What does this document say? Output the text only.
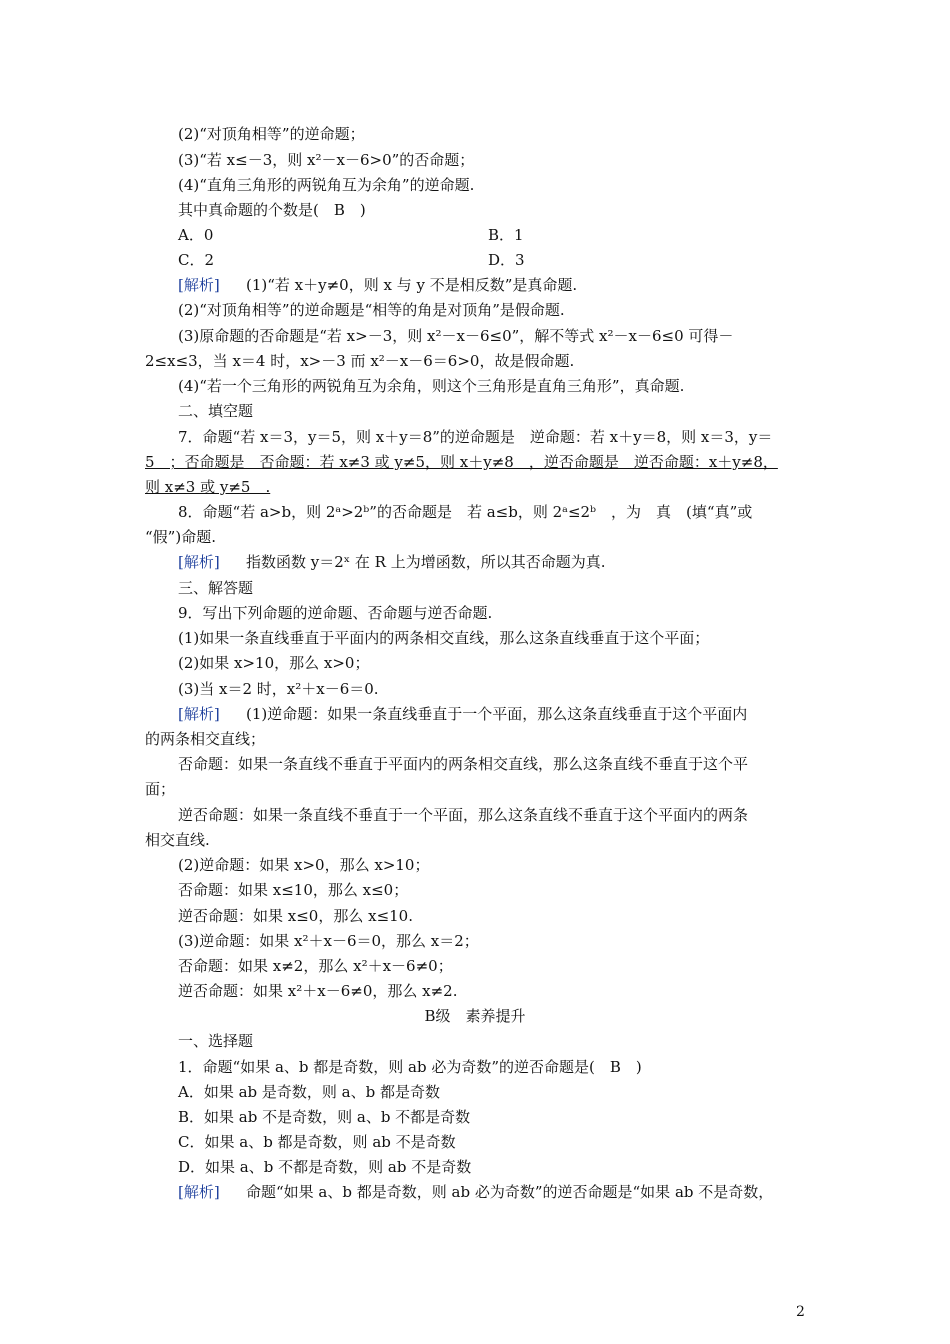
(2)“对顶角相等”的逆命题；
(3)“若 x≤－3，则 x²－x－6>0”的否命题；
(4)“直角三角形的两锐角互为余角”的逆命题.
其中真命题的个数是(　B　)
A．0	B．1
C．2	D．3
[解析] (1)“若 x＋y≠0，则 x 与 y 不是相反数”是真命题.
(2)“对顶角相等”的逆命题是“相等的角是对顶角”是假命题.
(3)原命题的否命题是“若 x>－3，则 x²－x－6≤0”，解不等式 x²－x－6≤0 可得－
2≤x≤3，当 x＝4 时，x>－3 而 x²－x－6＝6>0，故是假命题.
(4)“若一个三角形的两锐角互为余角，则这个三角形是直角三角形”，真命题.
二、填空题
7．命题“若 x＝3，y＝5，则 x＋y＝8”的逆命题是　逆命题：若 x＋y＝8，则 x＝3，y＝
5　；否命题是　否命题：若 x≠3 或 y≠5，则 x＋y≠8　，逆否命题是　逆否命题：x＋y≠8，
则 x≠3 或 y≠5　.
8．命题“若 a>b，则 2ᵃ>2ᵇ”的否命题是　若 a≤b，则 2ᵃ≤2ᵇ　，为　真　(填“真”或
“假”)命题.
[解析] 指数函数 y＝2ˣ 在 R 上为增函数，所以其否命题为真.
三、解答题
9．写出下列命题的逆命题、否命题与逆否命题.
(1)如果一条直线垂直于平面内的两条相交直线，那么这条直线垂直于这个平面；
(2)如果 x>10，那么 x>0；
(3)当 x＝2 时，x²＋x－6＝0.
[解析] (1)逆命题：如果一条直线垂直于一个平面，那么这条直线垂直于这个平面内
的两条相交直线；
否命题：如果一条直线不垂直于平面内的两条相交直线，那么这条直线不垂直于这个平
面；
逆否命题：如果一条直线不垂直于一个平面，那么这条直线不垂直于这个平面内的两条
相交直线.
(2)逆命题：如果 x>0，那么 x>10；
否命题：如果 x≤10，那么 x≤0；
逆否命题：如果 x≤0，那么 x≤10.
(3)逆命题：如果 x²＋x－6＝0，那么 x＝2；
否命题：如果 x≠2，那么 x²＋x－6≠0；
逆否命题：如果 x²＋x－6≠0，那么 x≠2.
B级　素养提升
一、选择题
1．命题“如果 a、b 都是奇数，则 ab 必为奇数”的逆否命题是(　B　)
A．如果 ab 是奇数，则 a、b 都是奇数
B．如果 ab 不是奇数，则 a、b 不都是奇数
C．如果 a、b 都是奇数，则 ab 不是奇数
D．如果 a、b 不都是奇数，则 ab 不是奇数
[解析] 命题“如果 a、b 都是奇数，则 ab 必为奇数”的逆否命题是“如果 ab 不是奇数，
2
